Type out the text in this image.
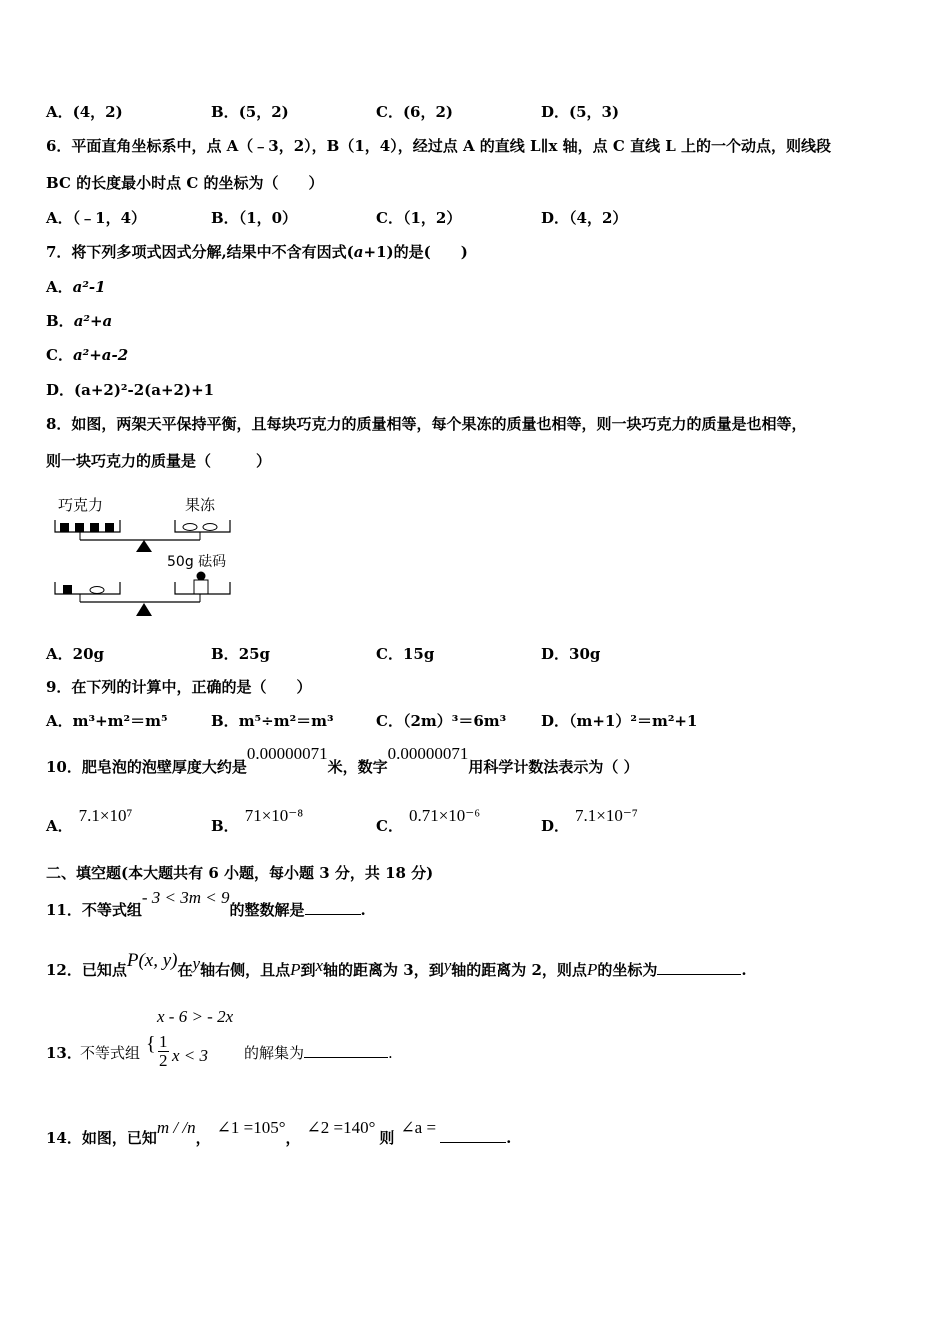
A．(4，2)	B．(5，2)	C．(6，2)	D．(5，3)
6．平面直角坐标系中，点 A（﹣3，2），B（1，4），经过点 A 的直线 L∥x 轴，点 C 直线 L 上的一个动点，则线段
BC 的长度最小时点 C 的坐标为（　　）
A．（﹣1，4）	B．（1，0）	C．（1，2）	D．（4，2）
7．将下列多项式因式分解,结果中不含有因式(a+1)的是(　　)
A．a²-1
B．a²+a
C．a²+a-2
D．(a+2)²-2(a+2)+1
8．如图，两架天平保持平衡，且每块巧克力的质量相等，每个果冻的质量也相等，则一块巧克力的质量是也相等，
则一块巧克力的质量是（　　　）
巧克力	果冻
50g 砝码
A．20g	B．25g	C．15g	D．30g
9．在下列的计算中，正确的是（　　）
A．m³+m²＝m⁵	B．m⁵÷m²＝m³	C．（2m）³＝6m³ D．（m+1）²＝m²+1
10．肥皂泡的泡壁厚度大约是0.00000071米，数字0.00000071用科学计数法表示为（ ）
A．7.1×10⁷
B．71×10⁻⁸
C．0.71×10⁻⁶
D．7.1×10⁻⁷
二、填空题(本大题共有 6 小题，每小题 3 分，共 18 分)
11．不等式组- 3 < 3m < 9的整数解是	.
12．已知点P(x, y)在y轴右侧，且点P到x轴的距离为 3，到y轴的距离为 2，则点P的坐标为	.
13．
不等式组
x - 6 > - 2x
{ 1
2 x < 3 的解集为	.
14．如图，已知m / /n，∠1 =105°，∠2 =140°则∠a =.
